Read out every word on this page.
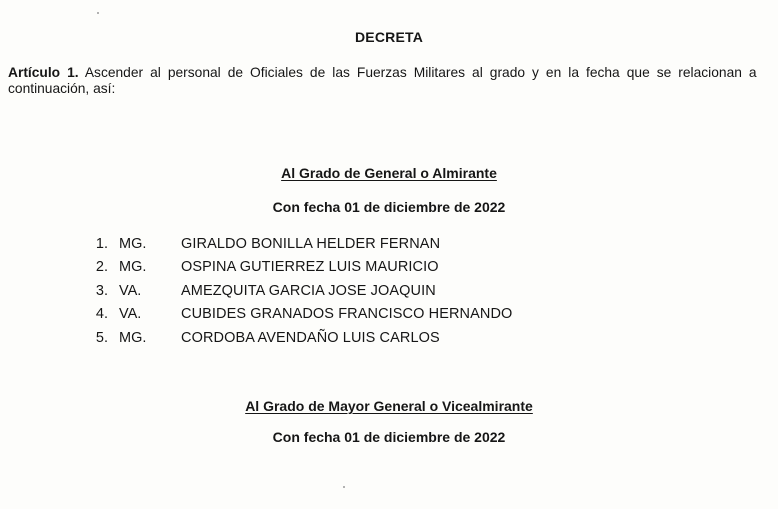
DECRETA
Artículo 1. Ascender al personal de Oficiales de las Fuerzas Militares al grado y en la fecha que se relacionan a continuación, así:
Al Grado de General o Almirante
Con fecha 01 de diciembre de 2022
1. MG. GIRALDO BONILLA HELDER FERNAN
2. MG. OSPINA GUTIERREZ LUIS MAURICIO
3. VA.	AMEZQUITA GARCIA JOSE JOAQUIN
4. VA.	CUBIDES GRANADOS FRANCISCO HERNANDO
5. MG. CORDOBA AVENDAÑO LUIS CARLOS
Al Grado de Mayor General o Vicealmirante
Con fecha 01 de diciembre de 2022
